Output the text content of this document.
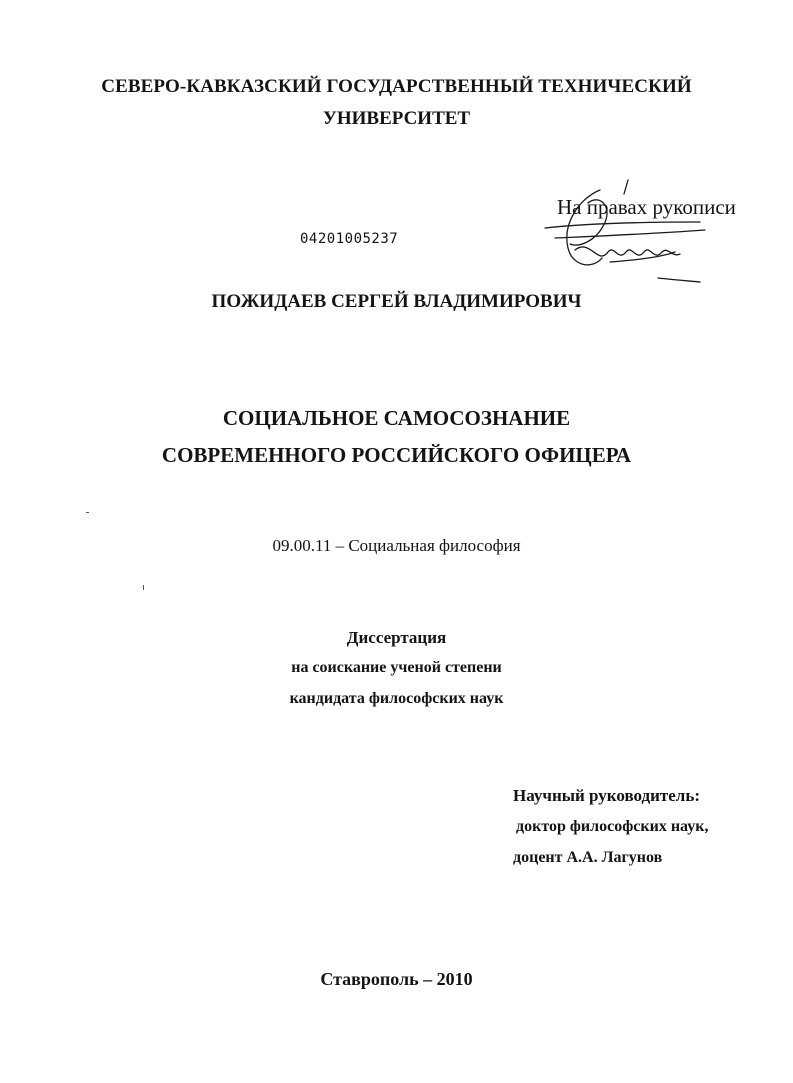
СЕВЕРО-КАВКАЗСКИЙ ГОСУДАРСТВЕННЫЙ ТЕХНИЧЕСКИЙ
УНИВЕРСИТЕТ
На правах рукописи
04201005237
ПОЖИДАЕВ СЕРГЕЙ ВЛАДИМИРОВИЧ
СОЦИАЛЬНОЕ САМОСОЗНАНИЕ
СОВРЕМЕННОГО РОССИЙСКОГО ОФИЦЕРА
09.00.11 – Социальная философия
Диссертация
на соискание ученой степени
кандидата философских наук
Научный руководитель:
доктор философских наук,
доцент А.А. Лагунов
Ставрополь – 2010
